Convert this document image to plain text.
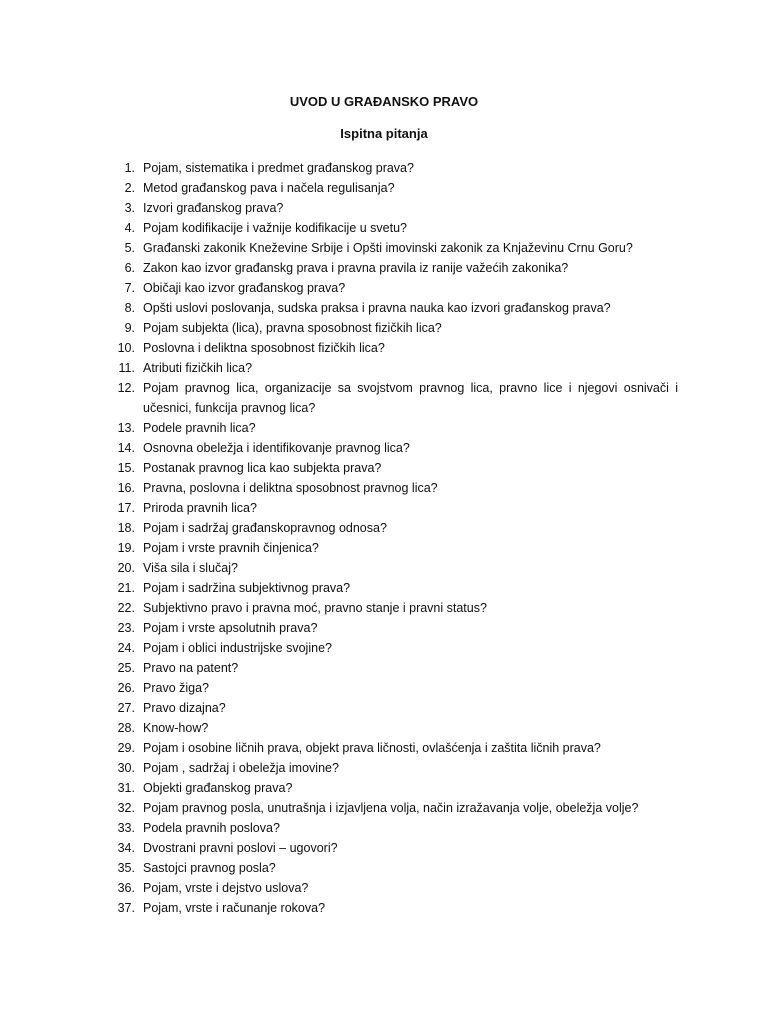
UVOD U GRAĐANSKO PRAVO
Ispitna pitanja
1 . Pojam, sistematika i predmet građanskog prava?
2 . Metod građanskog pava i načela regulisanja?
3 . Izvori građanskog prava?
4 . Pojam kodifikacije i važnije kodifikacije u svetu?
5 . Građanski zakonik Kneževine Srbije i Opšti imovinski zakonik za Knjaževinu Crnu Goru?
6 . Zakon kao izvor građanskg prava i pravna pravila iz ranije važećih zakonika?
7 . Običaji kao izvor građanskog prava?
8 . Opšti uslovi poslovanja, sudska praksa i pravna nauka kao izvori građanskog prava?
9 . Pojam subjekta (lica), pravna sposobnost fizičkih lica?
10 . Poslovna i deliktna sposobnost fizičkih lica?
11 . Atributi fizičkih lica?
12 . Pojam pravnog lica, organizacije sa svojstvom pravnog lica, pravno lice i njegovi osnivači i učesnici, funkcija pravnog lica?
13 . Podele pravnih lica?
14 . Osnovna obeležja i identifikovanje pravnog lica?
15 . Postanak pravnog lica kao subjekta prava?
16 . Pravna, poslovna i deliktna sposobnost pravnog lica?
17 . Priroda pravnih lica?
18 . Pojam i sadržaj građanskopravnog odnosa?
19 . Pojam i vrste pravnih činjenica?
20 . Viša sila i slučaj?
21 . Pojam i sadržina subjektivnog prava?
22 . Subjektivno pravo i pravna moć, pravno stanje i pravni status?
23 . Pojam i vrste apsolutnih prava?
24 . Pojam i oblici industrijske svojine?
25 . Pravo na patent?
26 . Pravo žiga?
27 . Pravo dizajna?
28 . Know-how?
29 . Pojam i osobine ličnih prava, objekt prava ličnosti, ovlašćenja i zaštita ličnih prava?
30 . Pojam , sadržaj i obeležja imovine?
31 . Objekti građanskog prava?
32 . Pojam pravnog posla, unutrašnja i izjavljena volja, način izražavanja volje, obeležja volje?
33 . Podela pravnih poslova?
34 . Dvostrani pravni poslovi – ugovori?
35 . Sastojci pravnog posla?
36 . Pojam, vrste i dejstvo uslova?
37 . Pojam, vrste i računanje rokova?
